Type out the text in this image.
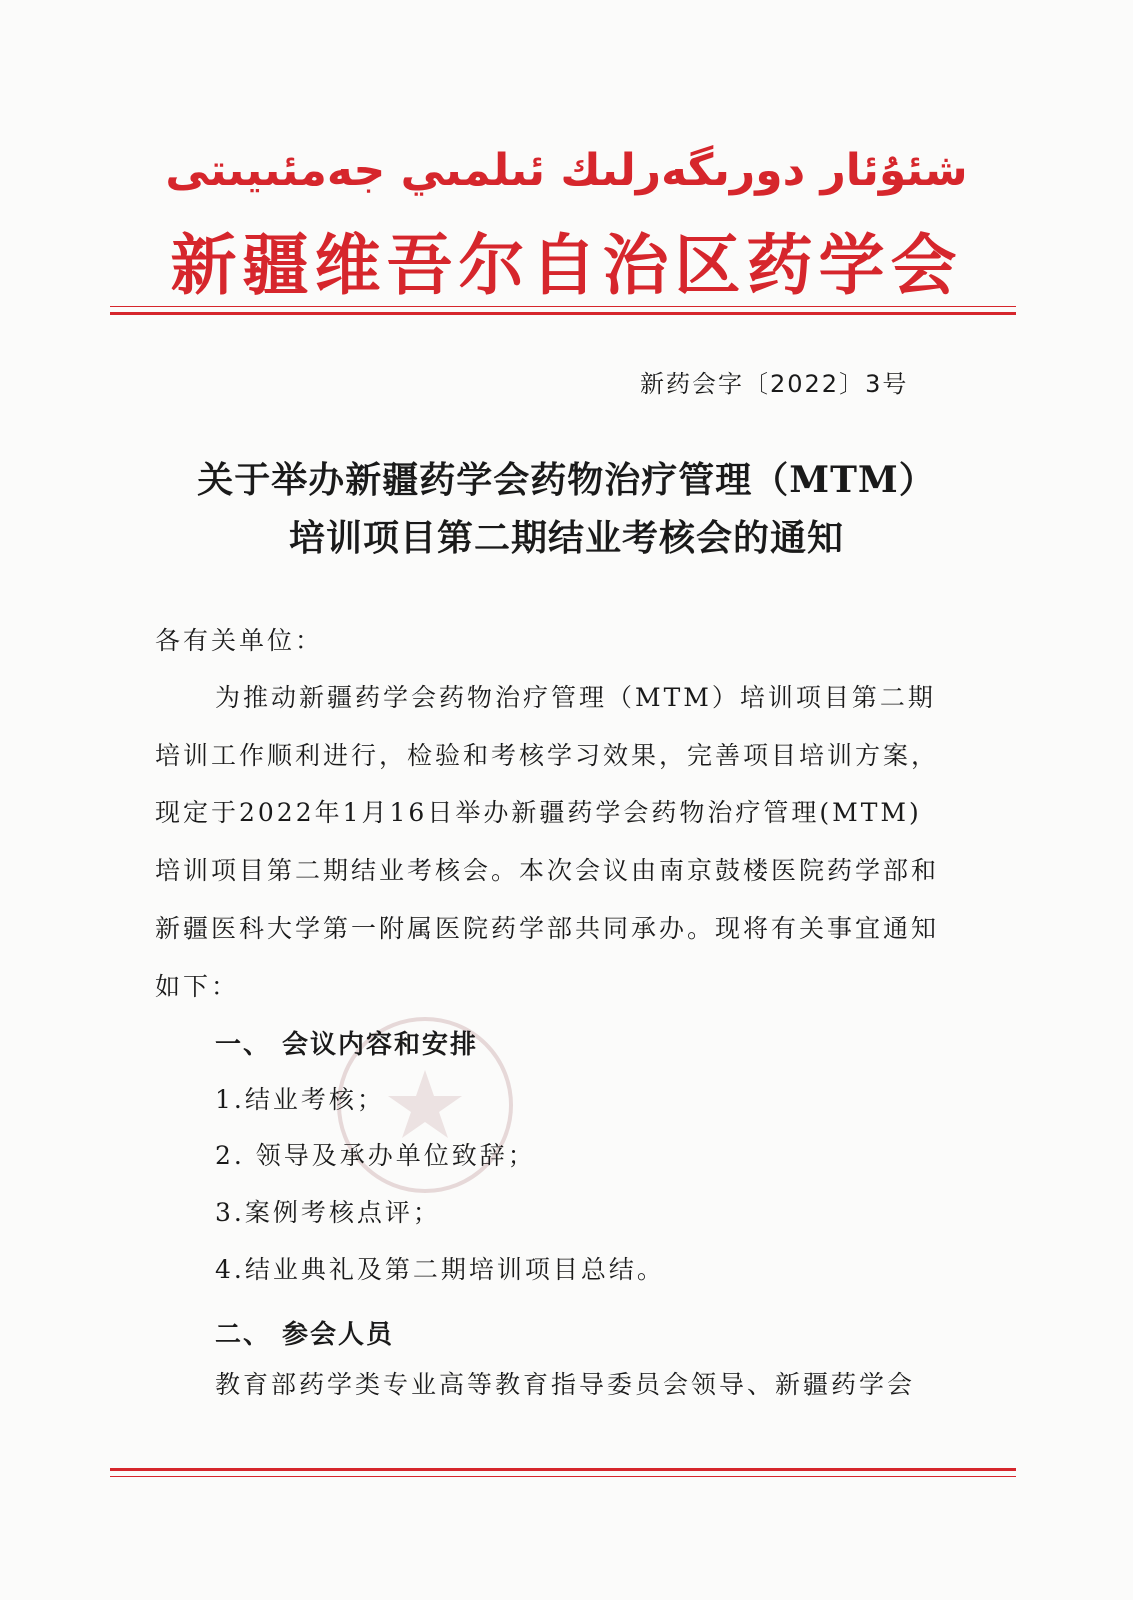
شئۇئار دورىگەرلىك ئىلمىي جەمئىيىتى
新疆维吾尔自治区药学会
新药会字〔2022〕3号
关于举办新疆药学会药物治疗管理（MTM）
培训项目第二期结业考核会的通知
各有关单位：
为推动新疆药学会药物治疗管理（MTM）培训项目第二期
培训工作顺利进行，检验和考核学习效果，完善项目培训方案，
现定于2022年1月16日举办新疆药学会药物治疗管理(MTM)
培训项目第二期结业考核会。本次会议由南京鼓楼医院药学部和
新疆医科大学第一附属医院药学部共同承办。现将有关事宜通知
如下：
一、 会议内容和安排
1.结业考核；
2. 领导及承办单位致辞；
3.案例考核点评；
4.结业典礼及第二期培训项目总结。
二、 参会人员
教育部药学类专业高等教育指导委员会领导、新疆药学会
